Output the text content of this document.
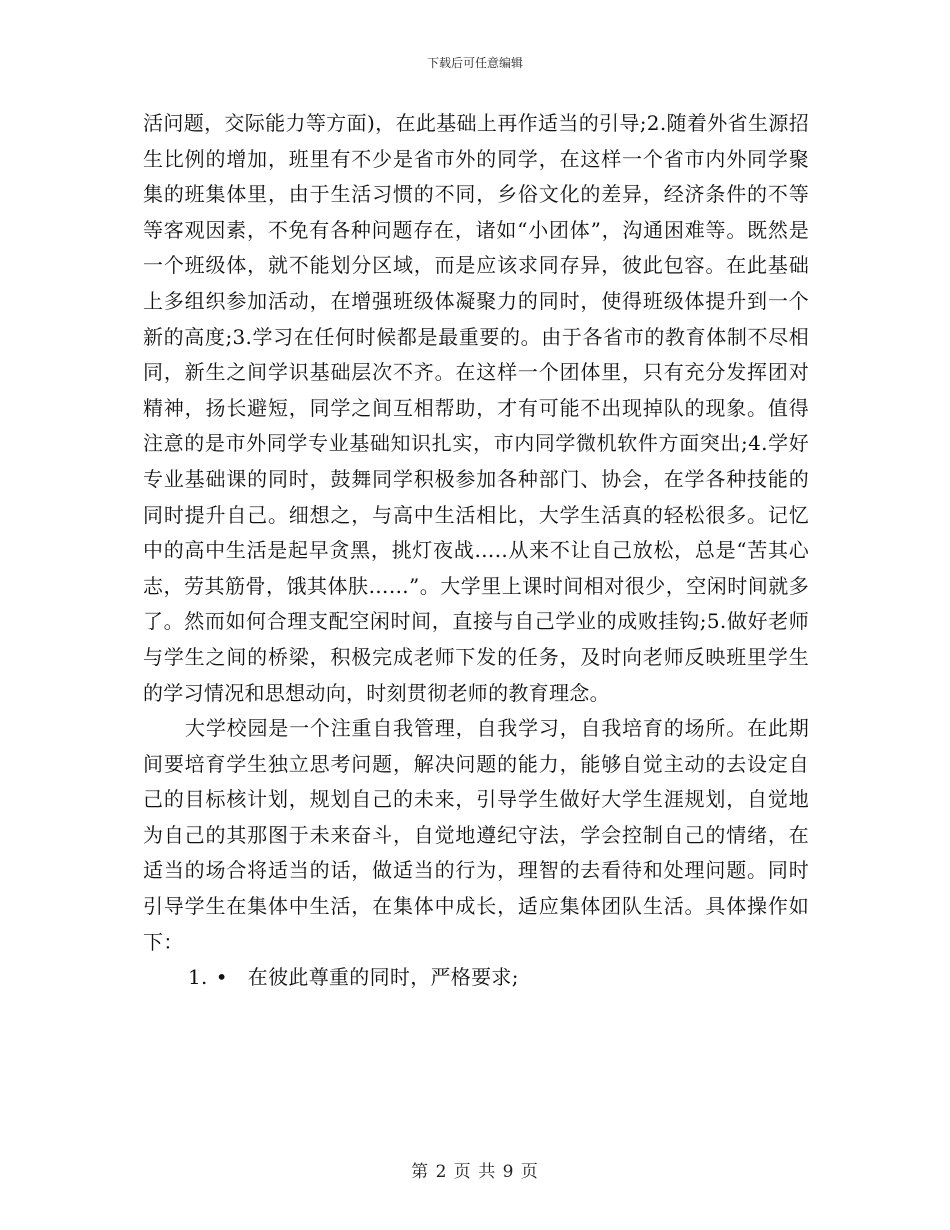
下载后可任意编辑

活问题，交际能力等方面)，在此基础上再作适当的引导;2.随着外省生源招生比例的增加，班里有不少是省市外的同学，在这样一个省市内外同学聚集的班集体里，由于生活习惯的不同，乡俗文化的差异，经济条件的不等等客观因素，不免有各种问题存在，诸如“小团体”，沟通困难等。既然是一个班级体，就不能划分区域，而是应该求同存异，彼此包容。在此基础上多组织参加活动，在增强班级体凝聚力的同时，使得班级体提升到一个新的高度;3.学习在任何时候都是最重要的。由于各省市的教育体制不尽相同，新生之间学识基础层次不齐。在这样一个团体里，只有充分发挥团对精神，扬长避短，同学之间互相帮助，才有可能不出现掉队的现象。值得注意的是市外同学专业基础知识扎实，市内同学微机软件方面突出;4.学好专业基础课的同时，鼓舞同学积极参加各种部门、协会，在学各种技能的同时提升自己。细想之，与高中生活相比，大学生活真的轻松很多。记忆中的高中生活是起早贪黑，挑灯夜战…..从来不让自己放松，总是“苦其心志，劳其筋骨，饿其体肤……”。大学里上课时间相对很少，空闲时间就多了。然而如何合理支配空闲时间，直接与自己学业的成败挂钩;5.做好老师与学生之间的桥梁，积极完成老师下发的任务，及时向老师反映班里学生的学习情况和思想动向，时刻贯彻老师的教育理念。

大学校园是一个注重自我管理，自我学习，自我培育的场所。在此期间要培育学生独立思考问题，解决问题的能力，能够自觉主动的去设定自己的目标核计划，规划自己的未来，引导学生做好大学生涯规划，自觉地为自己的其那图于未来奋斗，自觉地遵纪守法，学会控制自己的情绪，在适当的场合将适当的话，做适当的行为，理智的去看待和处理问题。同时引导学生在集体中生活，在集体中成长，适应集体团队生活。具体操作如下：

1. • 在彼此尊重的同时，严格要求;

第 2 页 共 9 页
